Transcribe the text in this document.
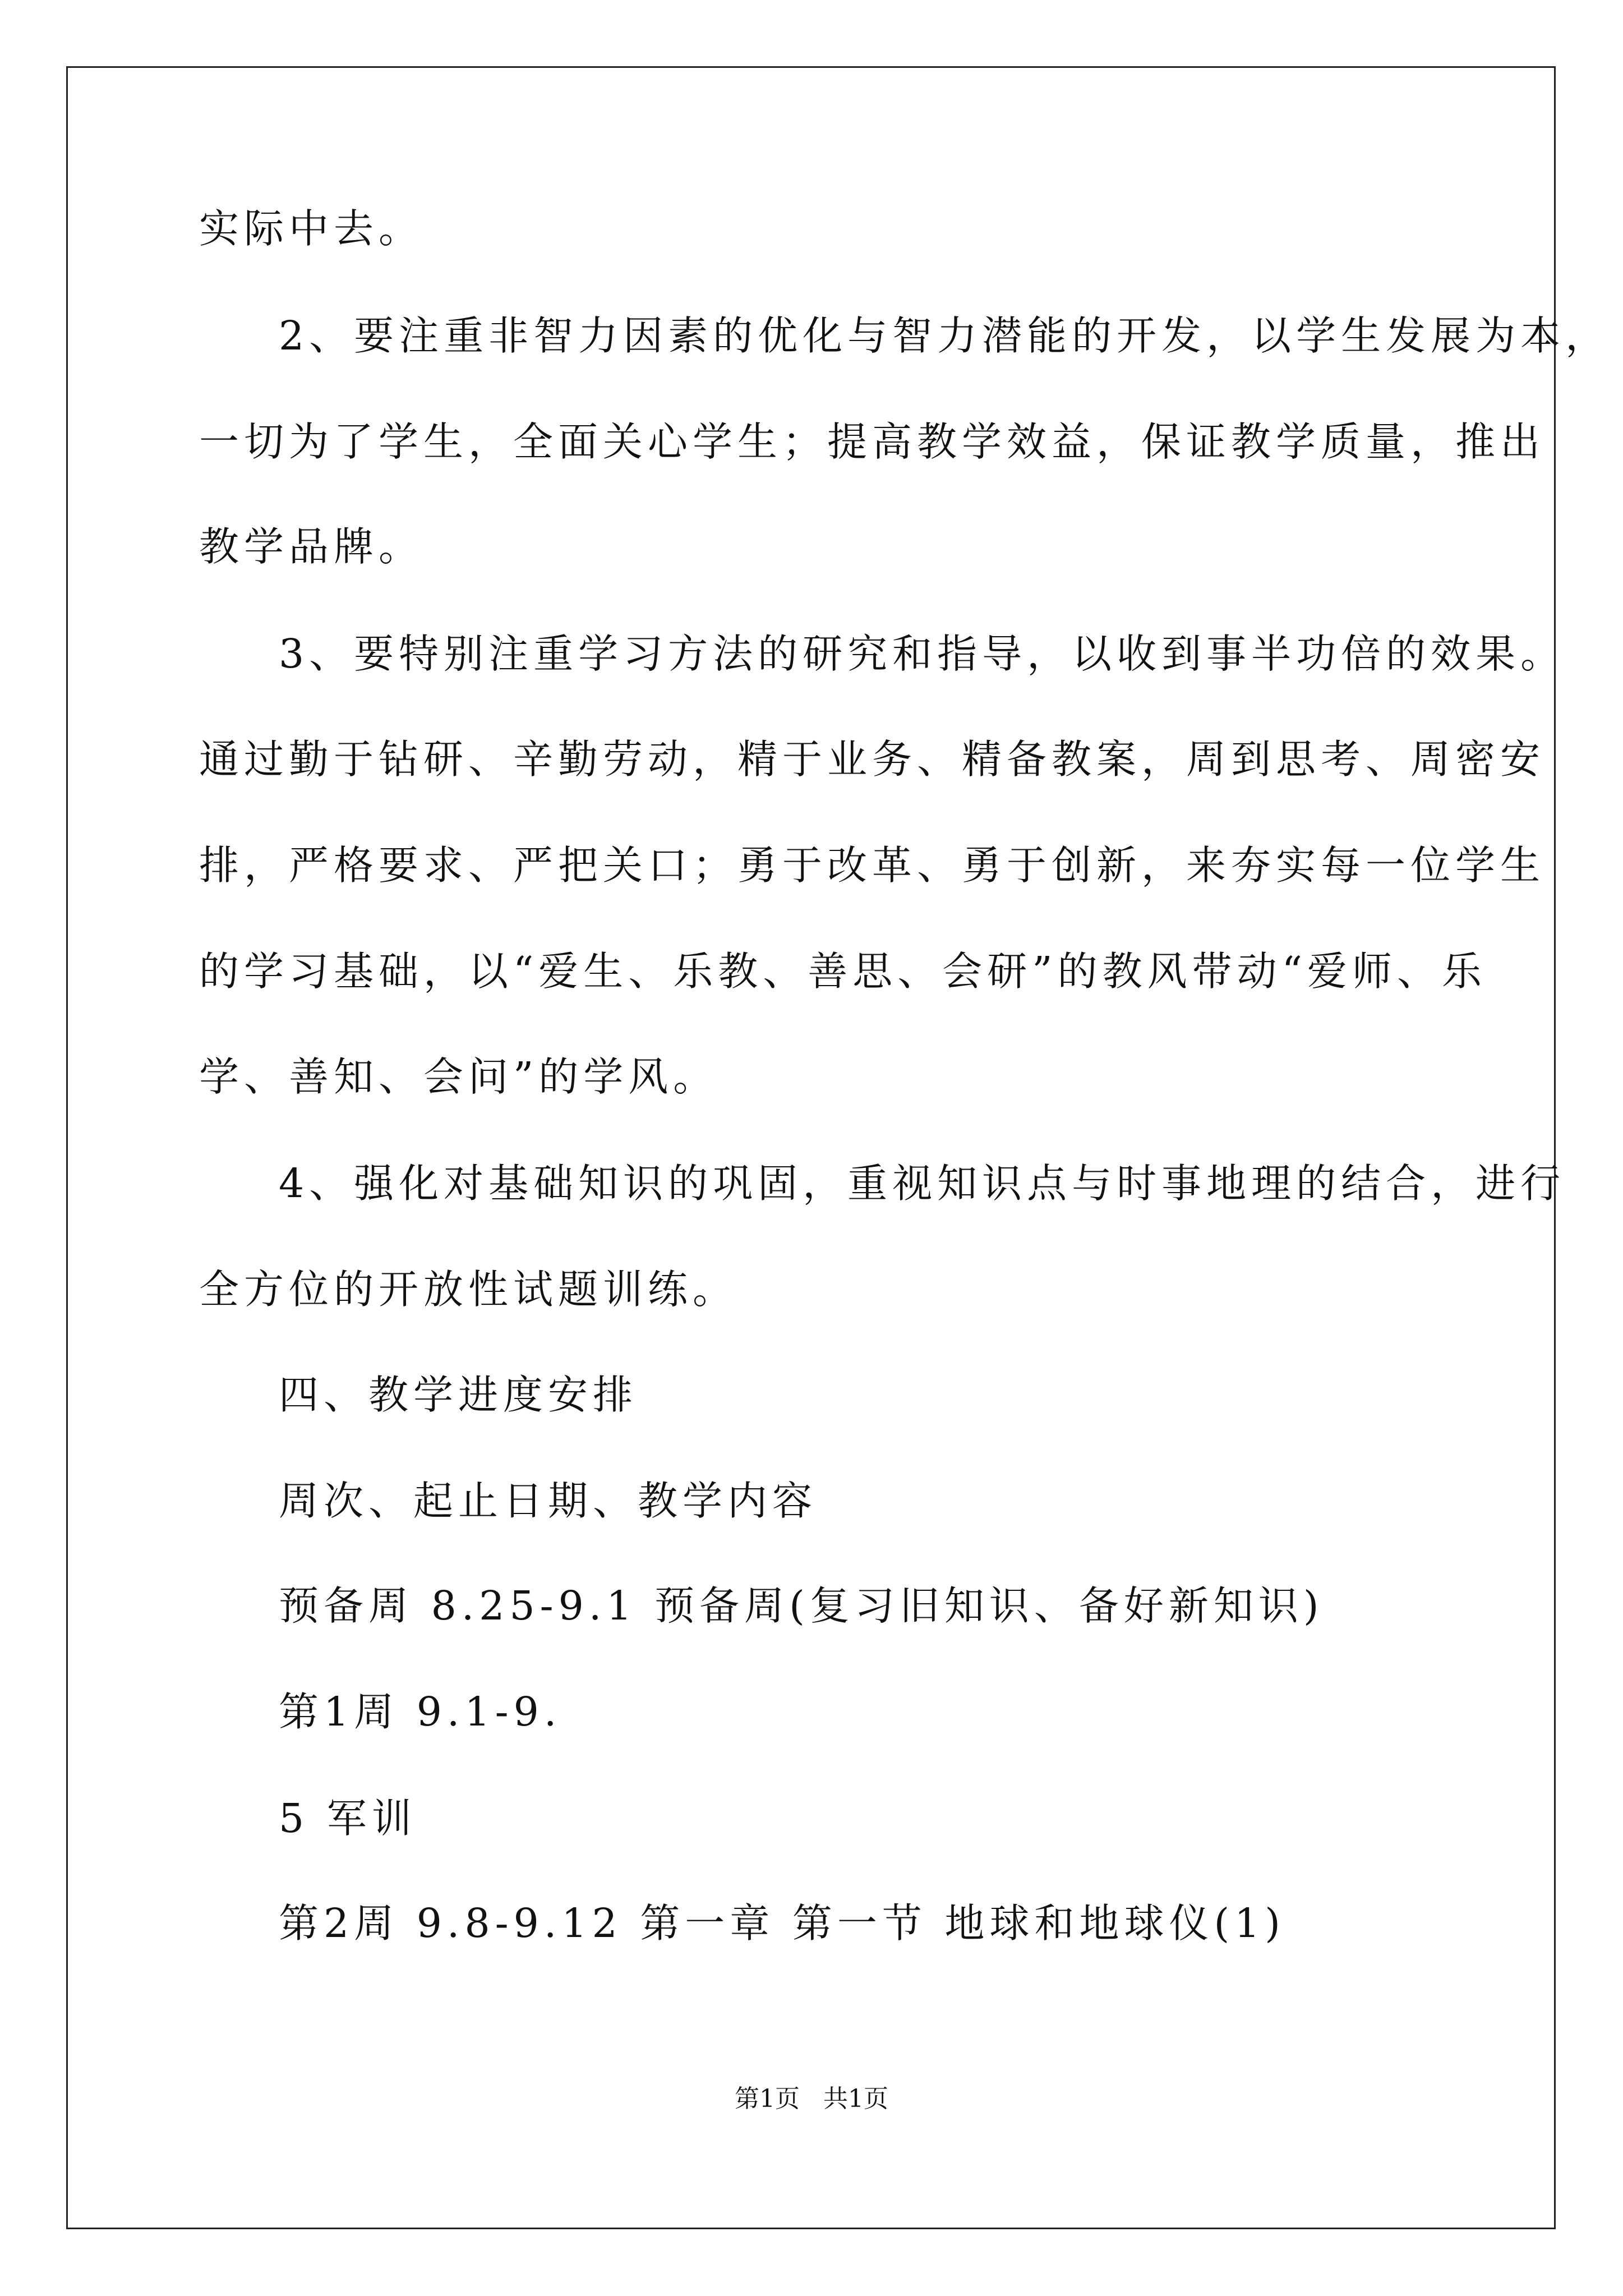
实际中去。

2、要注重非智力因素的优化与智力潜能的开发，以学生发展为本，

一切为了学生，全面关心学生；提高教学效益，保证教学质量，推出

教学品牌。

3、要特别注重学习方法的研究和指导，以收到事半功倍的效果。

通过勤于钻研、辛勤劳动，精于业务、精备教案，周到思考、周密安

排，严格要求、严把关口；勇于改革、勇于创新，来夯实每一位学生

的学习基础，以“爱生、乐教、善思、会研”的教风带动“爱师、乐

学、善知、会问”的学风。

4、强化对基础知识的巩固，重视知识点与时事地理的结合，进行

全方位的开放性试题训练。

四、教学进度安排

周次、起止日期、教学内容

预备周 8.25-9.1 预备周(复习旧知识、备好新知识)

第1周 9.1-9.

5 军训

第2周 9.8-9.12 第一章 第一节 地球和地球仪(1)

第1页   共1页
